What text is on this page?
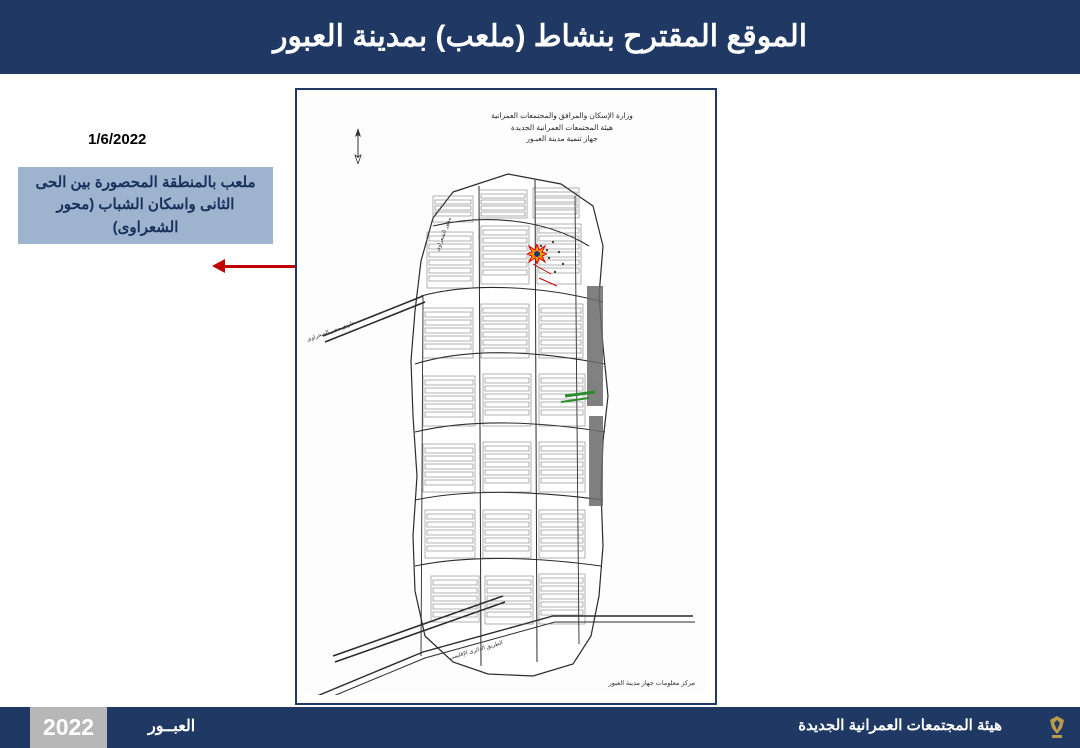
الموقع المقترح بنشاط (ملعب) بمدينة العبور
1/6/2022
ملعب بالمنطقة المحصورة بين الحى الثانى واسكان الشباب (محور الشعراوى)
وزارة الإسكان والمرافق والمجتمعات العمرانية
هيئة المجتمعات العمرانية الجديدة
جهاز تنمية مدينة العبـور
طريق مصر الصحراوى
الطريق الدائرى الإقليمى
محور الشعراوى
مركز معلومات جهاز مدينة العبور
هيئة المجتمعات العمرانية الجديدة
العبــور
2022
